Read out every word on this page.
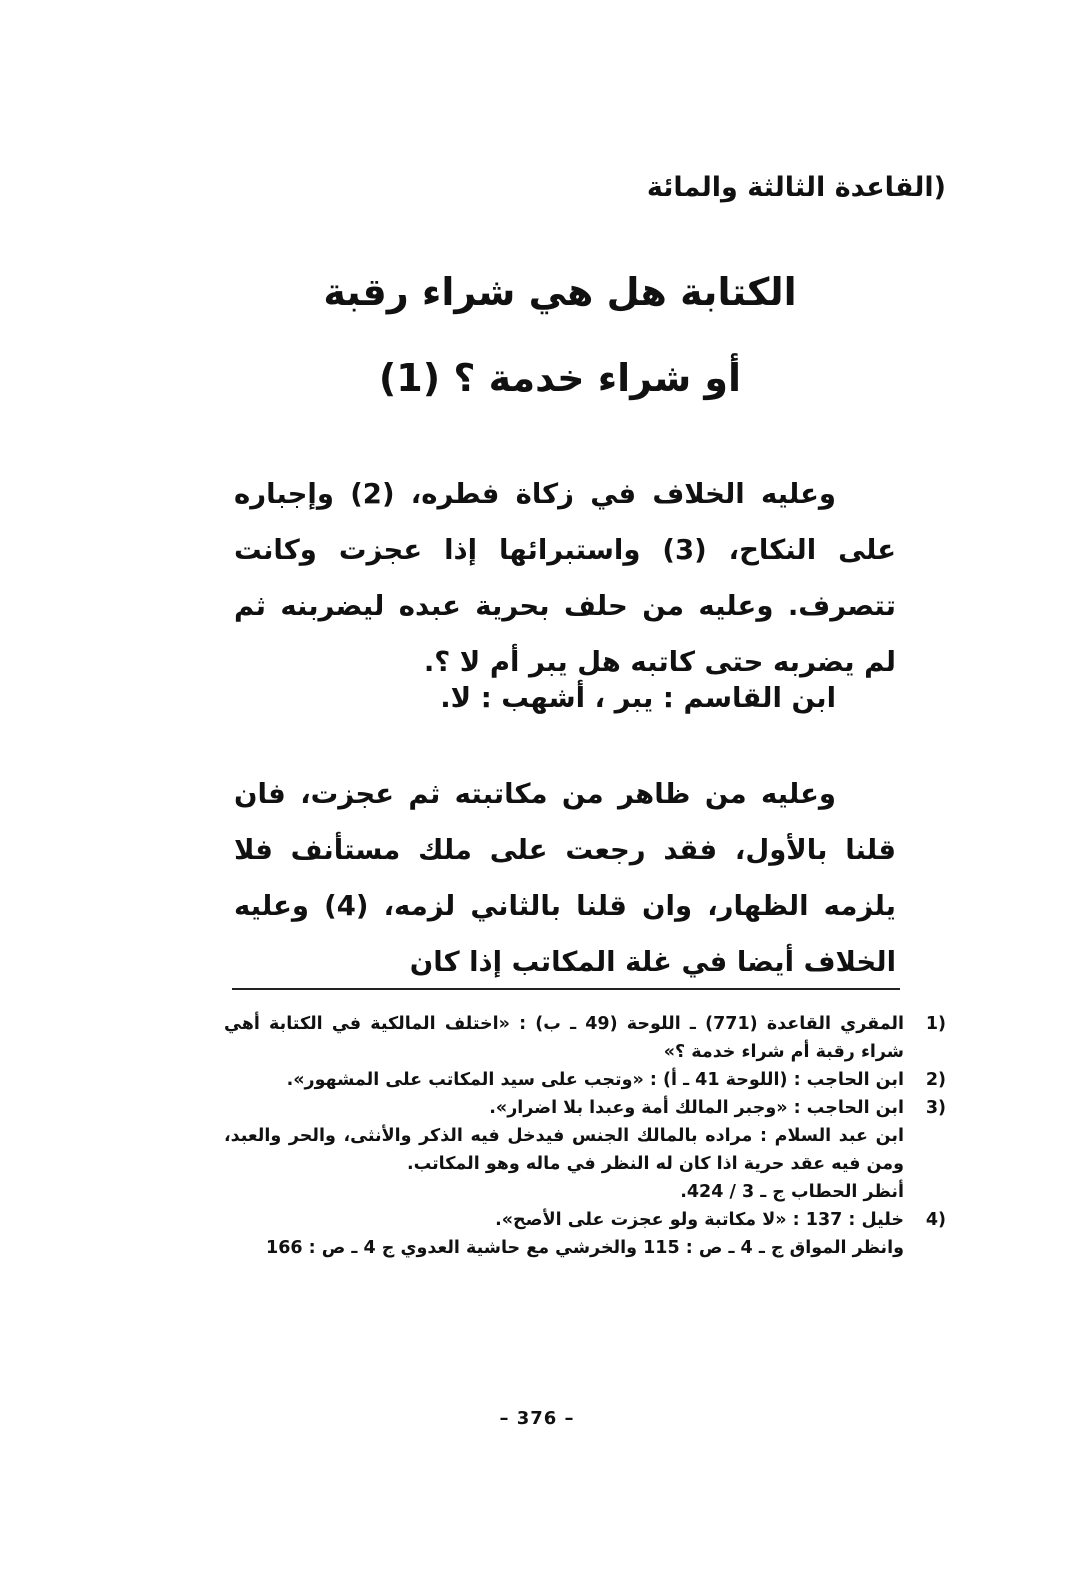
(القاعدة الثالثة والمائة
الكتابة هل هي شراء رقبة
أو شراء خدمة ؟ (1)
وعليه الخلاف في زكاة فطره، (2) وإجباره على النكاح، (3) واستبرائها إذا عجزت وكانت تتصرف. وعليه من حلف بحرية عبده ليضربنه ثم لم يضربه حتى كاتبه هل يبر أم لا ؟.
ابن القاسم : يبر ، أشهب : لا.
وعليه من ظاهر من مكاتبته ثم عجزت، فان قلنا بالأول، فقد رجعت على ملك مستأنف فلا يلزمه الظهار، وان قلنا بالثاني لزمه، (4) وعليه الخلاف أيضا في غلة المكاتب إذا كان
1)
المقري القاعدة (771) ـ اللوحة (49 ـ ب) : «اختلف المالكية في الكتابة أهي شراء رقبة أم شراء خدمة ؟»
2)
ابن الحاجب : (اللوحة 41 ـ أ) : «وتجب على سيد المكاتب على المشهور».
3)
ابن الحاجب : «وجبر المالك أمة وعبدا بلا اضرار».
ابن عبد السلام : مراده بالمالك الجنس فيدخل فيه الذكر والأنثى، والحر والعبد، ومن فيه عقد حرية اذا كان له النظر في ماله وهو المكاتب.
أنظر الحطاب ج ـ 3 / 424.
4)
خليل : 137 : «لا مكاتبة ولو عجزت على الأصح».
وانظر المواق ج ـ 4 ـ ص : 115 والخرشي مع حاشية العدوي ج 4 ـ ص : 166
– 376 –
